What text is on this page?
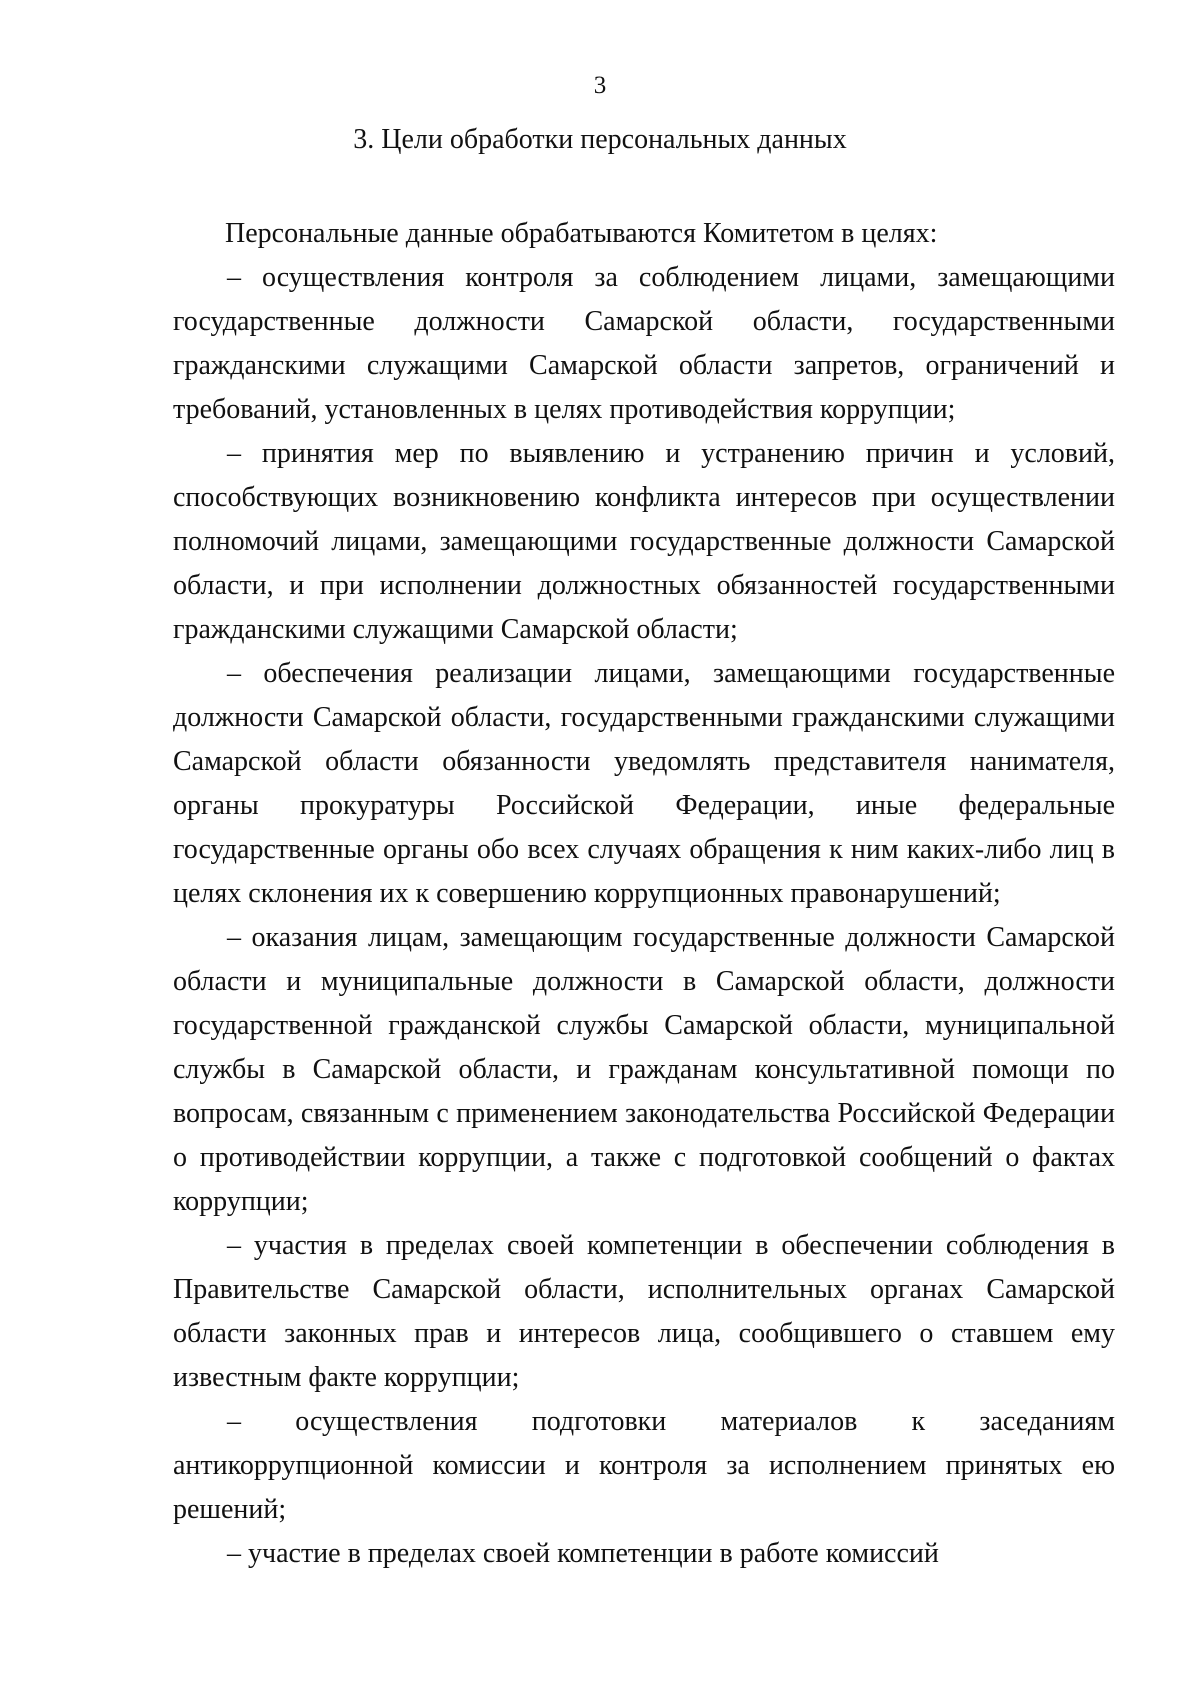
3
3. Цели обработки персональных данных

Персональные данные обрабатываются Комитетом в целях:

– осуществления контроля за соблюдением лицами, замещающими государственные должности Самарской области, государственными гражданскими служащими Самарской области запретов, ограничений и требований, установленных в целях противодействия коррупции;

– принятия мер по выявлению и устранению причин и условий, способствующих возникновению конфликта интересов при осуществлении полномочий лицами, замещающими государственные должности Самарской области, и при исполнении должностных обязанностей государственными гражданскими служащими Самарской области;

– обеспечения реализации лицами, замещающими государственные должности Самарской области, государственными гражданскими служащими Самарской области обязанности уведомлять представителя нанимателя, органы прокуратуры Российской Федерации, иные федеральные государственные органы обо всех случаях обращения к ним каких-либо лиц в целях склонения их к совершению коррупционных правонарушений;

– оказания лицам, замещающим государственные должности Самарской области и муниципальные должности в Самарской области, должности государственной гражданской службы Самарской области, муниципальной службы в Самарской области, и гражданам консультативной помощи по вопросам, связанным с применением законодательства Российской Федерации о противодействии коррупции, а также с подготовкой сообщений о фактах коррупции;

– участия в пределах своей компетенции в обеспечении соблюдения в Правительстве Самарской области, исполнительных органах Самарской области законных прав и интересов лица, сообщившего о ставшем ему известным факте коррупции;

– осуществления подготовки материалов к заседаниям антикоррупционной комиссии и контроля за исполнением принятых ею решений;

– участие в пределах своей компетенции в работе комиссий
